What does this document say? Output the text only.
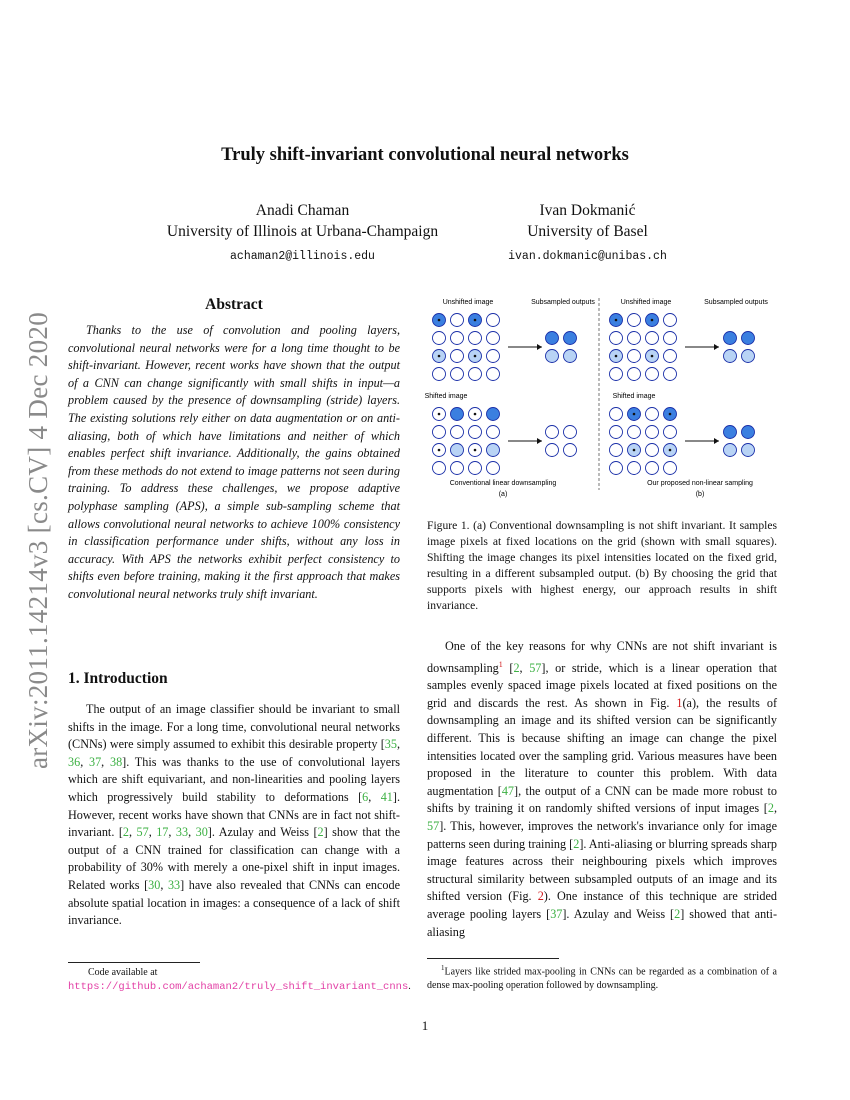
arXiv:2011.14214v3 [cs.CV] 4 Dec 2020
Truly shift-invariant convolutional neural networks
Anadi Chaman
University of Illinois at Urbana-Champaign
achaman2@illinois.edu
Ivan Dokmanić
University of Basel
ivan.dokmanic@unibas.ch
Abstract

Thanks to the use of convolution and pooling layers, convolutional neural networks were for a long time thought to be shift-invariant. However, recent works have shown that the output of a CNN can change significantly with small shifts in input—a problem caused by the presence of downsampling (stride) layers. The existing solutions rely either on data augmentation or on anti-aliasing, both of which have limitations and neither of which enables perfect shift invariance. Additionally, the gains obtained from these methods do not extend to image patterns not seen during training. To address these challenges, we propose adaptive polyphase sampling (APS), a simple sub-sampling scheme that allows convolutional neural networks to achieve 100% consistency in classification performance under shifts, without any loss in accuracy. With APS the networks exhibit perfect consistency to shifts even before training, making it the first approach that makes convolutional neural networks truly shift invariant.

1. Introduction

The output of an image classifier should be invariant to small shifts in the image. For a long time, convolutional neural networks (CNNs) were simply assumed to exhibit this desirable property [35, 36, 37, 38]. This was thanks to the use of convolutional layers which are shift equivariant, and non-linearities and pooling layers which progressively build stability to deformations [6, 41]. However, recent works have shown that CNNs are in fact not shift-invariant. [2, 57, 17, 33, 30]. Azulay and Weiss [2] show that the output of a CNN trained for classification can change with a probability of 30% with merely a one-pixel shift in input images. Related works [30, 33] have also revealed that CNNs can encode absolute spatial location in images: a consequence of a lack of shift invariance.

Code available at https://github.com/achaman2/truly_shift_invariant_cnns.
Unshifted image	Subsampled outputs
Shifted image
Conventional linear downsampling
(a)
Unshifted image	Subsampled outputs
Shifted image
Our proposed non-linear sampling
(b)
Figure 1. (a) Conventional downsampling is not shift invariant. It samples image pixels at fixed locations on the grid (shown with small squares). Shifting the image changes its pixel intensities located on the fixed grid, resulting in a different subsampled output. (b) By choosing the grid that supports pixels with highest energy, our approach results in shift invariance.

One of the key reasons for why CNNs are not shift invariant is downsampling$^1$ [2, 57], or stride, which is a linear operation that samples evenly spaced image pixels located at fixed positions on the grid and discards the rest. As shown in Fig. 1(a), the results of downsampling an image and its shifted version can be significantly different. This is because shifting an image can change the pixel intensities located over the sampling grid. Various measures have been proposed in the literature to counter this problem. With data augmentation [47], the output of a CNN can be made more robust to shifts by training it on randomly shifted versions of input images [2, 57]. This, however, improves the network's invariance only for image patterns seen during training [2]. Anti-aliasing or blurring spreads sharp image features across their neighbouring pixels which improves structural similarity between subsampled outputs of an image and its shifted version (Fig. 2). One instance of this technique are strided average pooling layers [37]. Azulay and Weiss [2] showed that anti-aliasing

$^1$Layers like strided max-pooling in CNNs can be regarded as a combination of a dense max-pooling operation followed by downsampling.
1
